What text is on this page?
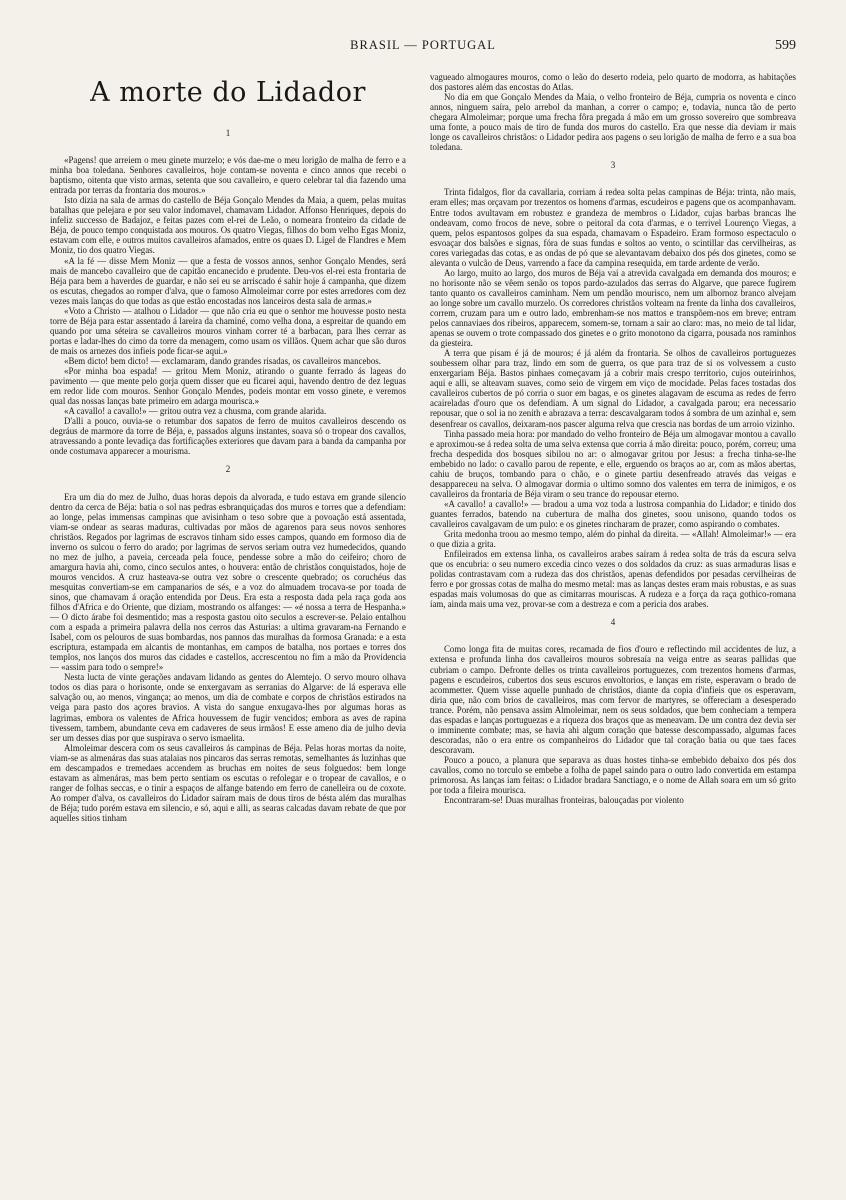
BRASIL — PORTUGAL	599
A morte do Lidador
1

«Pagens! que arreiem o meu ginete murzelo; e vós dae-me o meu lorigão de malha de ferro e a minha boa toledana. Senhores cavalleiros, hoje contam-se noventa e cinco annos que recebi o baptismo, oitenta que visto armas, setenta que sou cavalleiro, e quero celebrar tal dia fazendo uma entrada por terras da frontaria dos mouros.»

Isto dizia na sala de armas do castello de Béja Gonçalo Mendes da Maia, a quem, pelas muitas batalhas que pelejara e por seu valor indomavel, chamavam Lidador. Affonso Henriques, depois do infeliz successo de Badajoz, e feitas pazes com el-rei de Leão, o nomeara fronteiro da cidade de Béja, de pouco tempo conquistada aos mouros. Os quatro Viegas, filhos do bom velho Egas Moniz, estavam com elle, e outros muitos cavalleiros afamados, entre os quaes D. Ligel de Flandres e Mem Moniz, tio dos quatro Viegas.

«A la fé — disse Mem Moniz — que a festa de vossos annos, senhor Gonçalo Mendes, será mais de mancebo cavalleiro que de capitão encanecido e prudente. Deu-vos el-rei esta frontaria de Béja para bem a haverdes de guardar, e não sei eu se arriscado é sahir hoje á campanha, que dizem os escutas, chegados ao romper d'alva, que o famoso Almoleimar corre por estes arredores com dez vezes mais lanças do que todas as que estão encostadas nos lanceiros desta sala de armas.»

«Voto a Christo — atalhou o Lidador — que não cria eu que o senhor me houvesse posto nesta torre de Béja para estar assentado á lareira da chaminé, como velha dona, a espreitar de quando em quando por uma séteira se cavalleiros mouros vinham correr té a barbacan, para lhes cerrar as portas e ladar-lhes do cimo da torre da menagem, como usam os villãos. Quem achar que são duros de mais os arnezes dos infieis pode ficar-se aqui.»

«Bem dicto! bem dicto! — exclamaram, dando grandes risadas, os cavalleiros mancebos.

«Por minha boa espada! — gritou Mem Moniz, atirando o guante ferrado ás lageas do pavimento — que mente pelo gorja quem disser que eu ficarei aqui, havendo dentro de dez leguas em redor lide com mouros. Senhor Gonçalo Mendes, podeis montar em vosso ginete, e veremos qual das nossas lanças bate primeiro em adarga mourisca.»

«A cavallo! a cavallo!» — gritou outra vez a chusma, com grande alarida.

D'alli a pouco, ouvia-se o retumbar dos sapatos de ferro de muitos cavalleiros descendo os degráus de marmore da torre de Béja, e, passados alguns instantes, soava só o tropear dos cavallos, atravessando a ponte levadiça das fortificações exteriores que davam para a banda da campanha por onde costumava apparecer a mourisma.

2

Era um dia do mez de Julho, duas horas depois da alvorada, e tudo estava em grande silencio dentro da cerca de Béja: batia o sol nas pedras esbranquiçadas dos muros e torres que a defendiam: ao longe, pelas immensas campinas que avisinham o teso sobre que a povoação está assentada, viam-se ondear as searas maduras, cultivadas por mãos de agarenos para seus novos senhores christãos. Regados por lagrimas de escravos tinham sido esses campos, quando em formoso dia de inverno os sulcou o ferro do arado; por lagrimas de servos seriam outra vez humedecidos, quando no mez de julho, a paveia, cerceada pela fouce, pendesse sobre a mão do ceifeiro; choro de amargura havia ahi, como, cinco seculos antes, o houvera: então de christãos conquistados, hoje de mouros vencidos. A cruz hasteava-se outra vez sobre o crescente quebrado; os coruchéus das mesquitas convertiam-se em campanarios de sés, e a voz do almuadem trocava-se por toada de sinos, que chamavam á oração entendida por Deus. Era esta a resposta dada pela raça goda aos filhos d'Africa e do Oriente, que diziam, mostrando os alfanges: — «é nossa a terra de Hespanha.» — O dicto árabe foi desmentido; mas a resposta gastou oito seculos a escrever-se. Pelaio entalhou com a espada a primeira palavra della nos cerros das Asturias: a ultima gravaram-na Fernando e Isabel, com os pelouros de suas bombardas, nos pannos das muralhas da formosa Granada: e a esta escriptura, estampada em alcantis de montanhas, em campos de batalha, nos portaes e torres dos templos, nos lanços dos muros das cidades e castellos, accrescentou no fim a mão da Providencia — «assim para todo o sempre!»

Nesta lucta de vinte gerações andavam lidando as gentes do Alemtejo. O servo mouro olhava todos os dias para o horisonte, onde se enxergavam as serranias do Algarve: de lá esperava elle salvação ou, ao menos, vingança; ao menos, um dia de combate e corpos de christãos estirados na veiga para pasto dos açores bravios. A vista do sangue enxugava-lhes por algumas horas as lagrimas, embora os valentes de Africa houvessem de fugir vencidos; embora as aves de rapina tivessem, tambem, abundante ceva em cadaveres de seus irmãos! E esse ameno dia de julho devia ser um desses dias por que suspirava o servo ismaelita.

Almoleimar descera com os seus cavalleiros ás campinas de Béja. Pelas horas mortas da noite, viam-se as almenáras das suas atalaias nos pincaros das serras remotas, semelhantes ás luzinhas que em descampados e tremedaes accendem as bruchas em noites de seus folguedos: bem longe estavam as almenáras, mas bem perto sentiam os escutas o refolegar e o tropear de cavallos, e o ranger de folhas seccas, e o tinir a espaços de alfange batendo em ferro de canelleira ou de coxote. Ao romper d'alva, os cavalleiros do Lidador saíram mais de dous tiros de bésta além das muralhas de Béja; tudo porém estava em silencio, e só, aqui e alli, as searas calcadas davam rebate de que por aquelles sitios tinham

vagueado almogaures mouros, como o leão do deserto rodeia, pelo quarto de modorra, as habitações dos pastores além das encostas do Atlas.

No dia em que Gonçalo Mendes da Maia, o velho fronteiro de Béja, cumpria os noventa e cinco annos, ninguem saíra, pelo arrebol da manhan, a correr o campo; e, todavia, nunca tão de perto chegara Almoleimar; porque uma frecha fôra pregada á mão em um grosso sovereiro que sombreava uma fonte, a pouco mais de tiro de funda dos muros do castello. Era que nesse dia deviam ir mais longe os cavalleiros christãos: o Lidador pedira aos pagens o seu lorigão de malha de ferro e a sua boa toledana.

3

Trinta fidalgos, flor da cavallaria, corriam á redea solta pelas campinas de Béja: trinta, não mais, eram elles; mas orçavam por trezentos os homens d'armas, escudeiros e pagens que os acompanhavam. Entre todos avultavam em robustez e grandeza de membros o Lidador, cujas barbas brancas lhe ondeavam, como frocos de neve, sobre o peitoral da cota d'armas, e o terrivel Lourenço Viegas, a quem, pelos espantosos golpes da sua espada, chamavam o Espadeiro. Eram formoso espectaculo o esvoaçar dos balsões e signas, fóra de suas fundas e soltos ao vento, o scintillar das cervilheiras, as cores variegadas das cotas, e as ondas de pó que se alevantavam debaixo dos pés dos ginetes, como se alevanta o vulcão de Deus, varrendo a face da campina resequida, em tarde ardente de verão.

Ao largo, muito ao largo, dos muros de Béja vai a atrevida cavalgada em demanda dos mouros; e no horisonte não se vêem senão os topos pardo-azulados das serras do Algarve, que parece fugirem tanto quanto os cavalleiros caminham. Nem um pendão mourisco, nem um albornoz branco alvejam ao longe sobre um cavallo murzelo. Os corredores christãos volteam na frente da linha dos cavalleiros, correm, cruzam para um e outro lado, embrenham-se nos mattos e transpõem-nos em breve; entram pelos cannaviaes dos ribeiros, apparecem, somem-se, tornam a sair ao claro: mas, no meio de tal lidar, apenas se ouvem o trote compassado dos ginetes e o grito monotono da cigarra, pousada nos raminhos da giesteira.

A terra que pisam é já de mouros; é já além da frontaria. Se olhos de cavalleiros portuguezes soubessem olhar para traz, lindo em som de guerra, os que para traz de si os volvessem a custo enxergariam Béja. Bastos pinhaes começavam já a cobrir mais crespo territorio, cujos outeirinhos, aqui e alli, se alteavam suaves, como seio de virgem em viço de mocidade. Pelas faces tostadas dos cavalleiros cubertos de pó corria o suor em bagas, e os ginetes alagavam de escuma as redes de ferro acaireladas d'ouro que os defendiam. A um signal do Lidador, a cavalgada parou; era necessario repousar, que o sol ia no zenith e abrazava a terra: descavalgaram todos á sombra de um azinhal e, sem desenfrear os cavallos, deixaram-nos pascer alguma relva que crescia nas bordas de um arroio vizinho.

Tinha passado meia hora: por mandado do velho fronteiro de Béja um almogavar montou a cavallo e aproximou-se á redea solta de uma selva extensa que corria á mão direita: pouco, porém, correu; uma frecha despedida dos bosques sibilou no ar: o almogavar gritou por Jesus: a frecha tinha-se-lhe embebido no lado: o cavallo parou de repente, e elle, erguendo os braços ao ar, com as mãos abertas, cahiu de bruços, tombando para o chão, e o ginete partiu desenfreado através das veigas e desappareceu na selva. O almogavar dormia o ultimo somno dos valentes em terra de inimigos, e os cavalleiros da frontaria de Béja viram o seu trance do repousar eterno.

«A cavallo! a cavallo!» — bradou a uma voz toda a lustrosa companhia do Lidador; e tinido dos guantes ferrados, batendo na cubertura de malha dos ginetes, soou unisono, quando todos os cavalleiros cavalgavam de um pulo: e os ginetes rincharam de prazer, como aspirando o combates.

Grita medonha troou ao mesmo tempo, além do pinhal da direita. — «Allah! Almoleimar!» — era o que dizia a grita.

Enfileirados em extensa linha, os cavalleiros arabes saíram á redea solta de trás da escura selva que os encubria: o seu numero excedia cinco vezes o dos soldados da cruz: as suas armaduras lisas e polidas contrastavam com a rudeza das dos christãos, apenas defendidos por pesadas cervilheiras de ferro e por grossas cotas de malha do mesmo metal: mas as lanças destes eram mais robustas, e as suas espadas mais volumosas do que as cimitarras mouriscas. A rudeza e a força da raça gothico-romana íam, ainda mais uma vez, provar-se com a destreza e com a pericia dos arabes.

4

Como longa fita de muitas cores, recamada de fios d'ouro e reflectindo mil accidentes de luz, a extensa e profunda linha dos cavalleiros mouros sobresaía na veiga entre as searas pallidas que cubriam o campo. Defronte delles os trinta cavalleiros portuguezes, com trezentos homens d'armas, pagens e escudeiros, cubertos dos seus escuros envoltorios, e lanças em riste, esperavam o brado de acommetter. Quem visse aquelle punhado de christãos, diante da copia d'infieis que os esperavam, diria que, não com brios de cavalleiros, mas com fervor de martyres, se offereciam a desesperado trance. Porém, não pensava assim Almoleimar, nem os seus soldados, que bem conheciam a tempera das espadas e lanças portuguezas e a riqueza dos braços que as meneavam. De um contra dez devia ser o imminente combate; mas, se havia ahi algum coração que batesse descompassado, algumas faces descoradas, não o era entre os companheiros do Lidador que tal coração batia ou que taes faces descoravam.

Pouco a pouco, a planura que separava as duas hostes tinha-se embebido debaixo dos pés dos cavallos, como no torculo se embebe a folha de papel saindo para o outro lado convertida em estampa primorosa. As lanças íam feitas: o Lidador bradara Sanctiago, e o nome de Allah soara em um só grito por toda a fileira mourisca.

Encontraram-se! Duas muralhas fronteiras, balouçadas por violento
